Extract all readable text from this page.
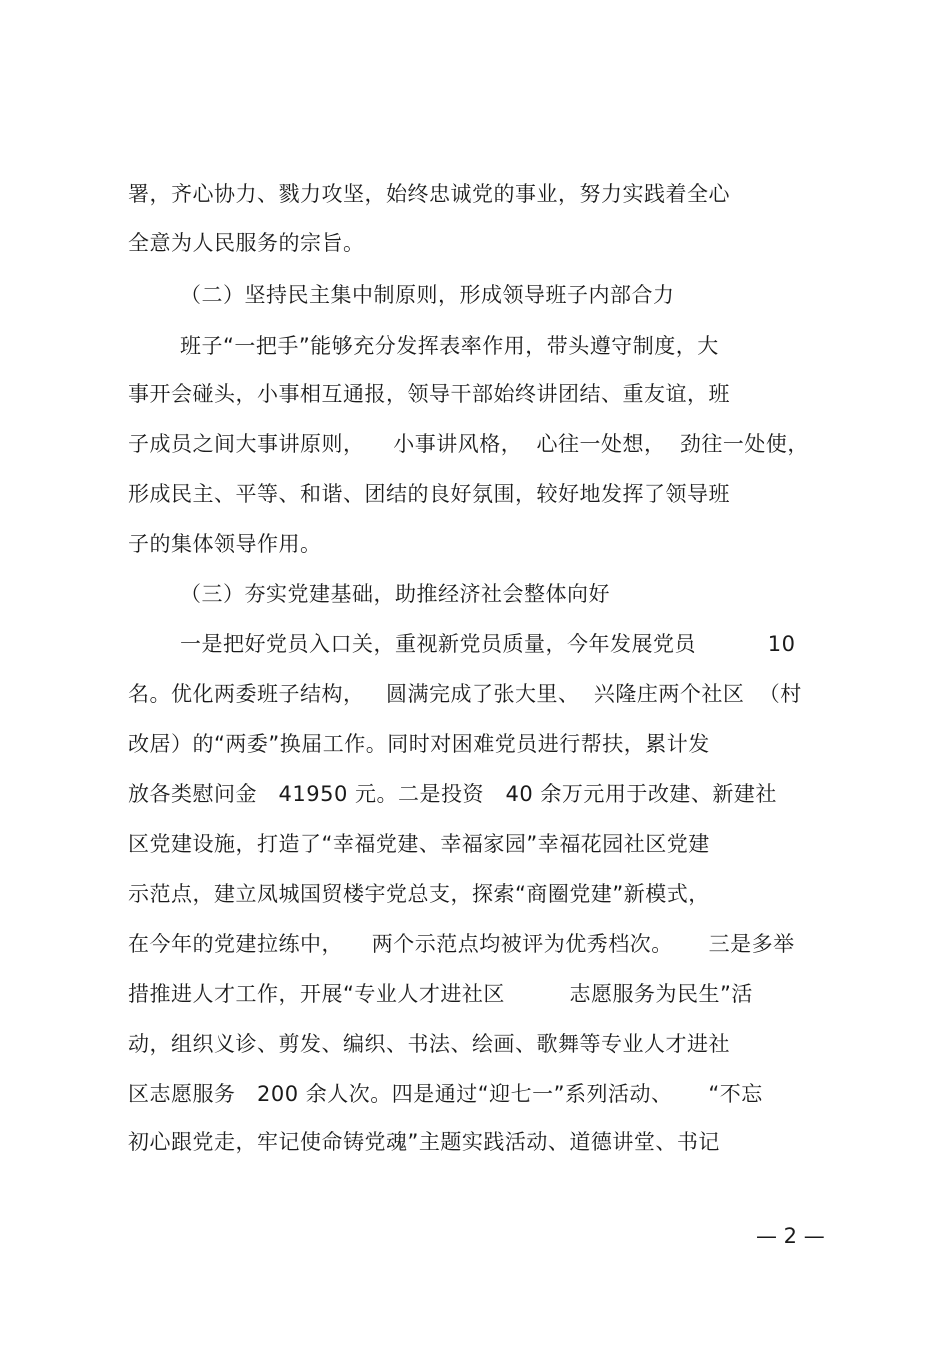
署，齐心协力、戮力攻坚，始终忠诚党的事业，努力实践着全心
全意为人民服务的宗旨。
（二）坚持民主集中制原则，形成领导班子内部合力
班子“一把手”能够充分发挥表率作用，带头遵守制度，大
事开会碰头，小事相互通报，领导干部始终讲团结、重友谊，班
子成员之间大事讲原则，    小事讲风格，  心往一处想，  劲往一处使，
形成民主、平等、和谐、团结的良好氛围，较好地发挥了领导班
子的集体领导作用。
（三）夯实党建基础，助推经济社会整体向好
一是把好党员入口关，重视新党员质量，今年发展党员          10
名。优化两委班子结构，   圆满完成了张大里、  兴隆庄两个社区  （村
改居）的“两委”换届工作。同时对困难党员进行帮扶，累计发
放各类慰问金   41950 元。二是投资   40 余万元用于改建、新建社
区党建设施，打造了“幸福党建、幸福家园”幸福花园社区党建
示范点，建立凤城国贸楼宇党总支，探索“商圈党建”新模式，
在今年的党建拉练中，    两个示范点均被评为优秀档次。     三是多举
措推进人才工作，开展“专业人才进社区         志愿服务为民生”活
动，组织义诊、剪发、编织、书法、绘画、歌舞等专业人才进社
区志愿服务   200 余人次。四是通过“迎七一”系列活动、     “不忘
初心跟党走，牢记使命铸党魂”主题实践活动、道德讲堂、书记
— 2 —
